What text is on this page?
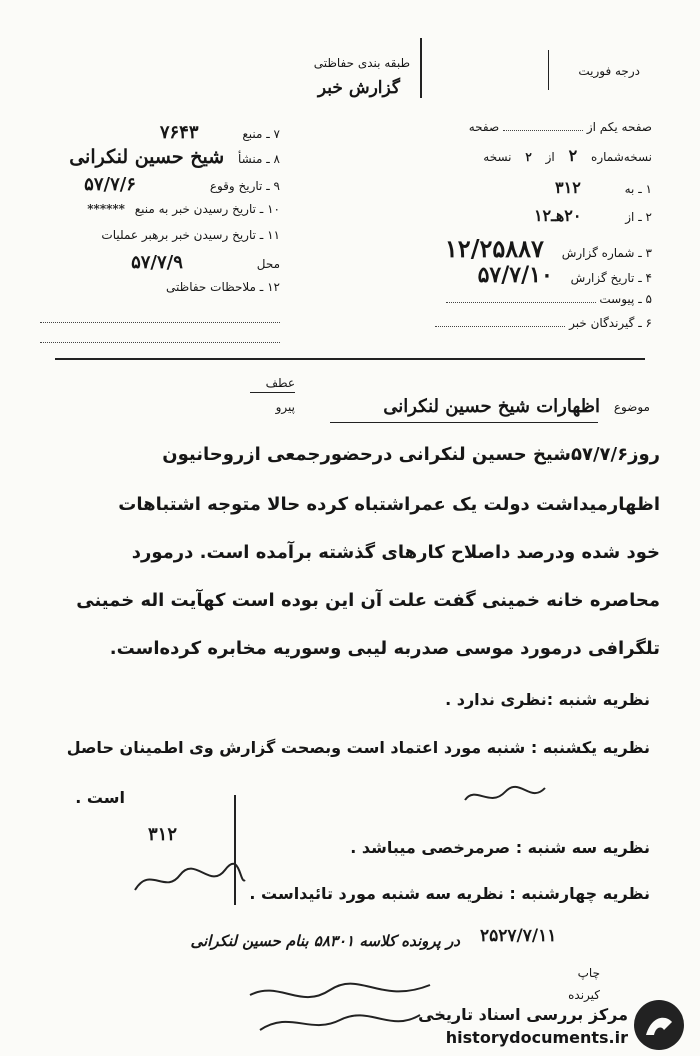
طبقه بندی حفاظتی
گزارش خبر
درجه فوریت
صفحه یکم از  صفحه
نسخه‌شماره ۲ از ۲ نسخه
۱ ـ به ۳۱۲
۲ ـ از ۲۰هـ۱۲
۳ ـ شماره گزارش ۱۲/۲۵۸۸۷
۴ ـ تاریخ گزارش ۵۷/۷/۱۰
۵ ـ پیوست
۶ ـ گیرندگان خبر
۷ ـ منبع ۷۶۴۳
۸ ـ منشأ شیخ حسین لنکرانی
۹ ـ تاریخ وقوع ۵۷/۷/۶
۱۰ ـ تاریخ رسیدن خبر به منبع ******
۱۱ ـ تاریخ رسیدن خبر برهبر عملیات
محل ۵۷/۷/۹
۱۲ ـ ملاحظات حفاظتی
عطف
پیرو	موضوع
اظهارات شیخ حسین لنکرانی
روز۵۷/۷/۶شیخ حسین لنکرانی درحضورجمعی ازروحانیون
اظهارمیداشت دولت یک عمراشتباه کرده حالا متوجه اشتباهات
خود شده ودرصد داصلاح کارهای گذشته برآمده است. درمورد
محاصره خانه خمینی گفت علت آن این بوده است کهآیت اله خمینی
تلگرافی درمورد موسی صدربه لیبی وسوریه مخابره کرده‌است.
نظریه شنبه :نظری ندارد .
نظریه یکشنبه : شنبه مورد اعتماد است وبصحت گزارش وی اطمینان حاصل
است .
نظریه سه شنبه : صرمرخصی میباشد .
نظریه چهارشنبه : نظریه سه شنبه مورد تائیداست .
۳۱۲
۲۵۲۷/۷/۱۱
در پرونده کلاسه ۵۸۳۰۱ بنام حسین لنکرانی
چاپ
کیرنده
مرکز بررسی اسناد تاریخی
historydocuments.ir
